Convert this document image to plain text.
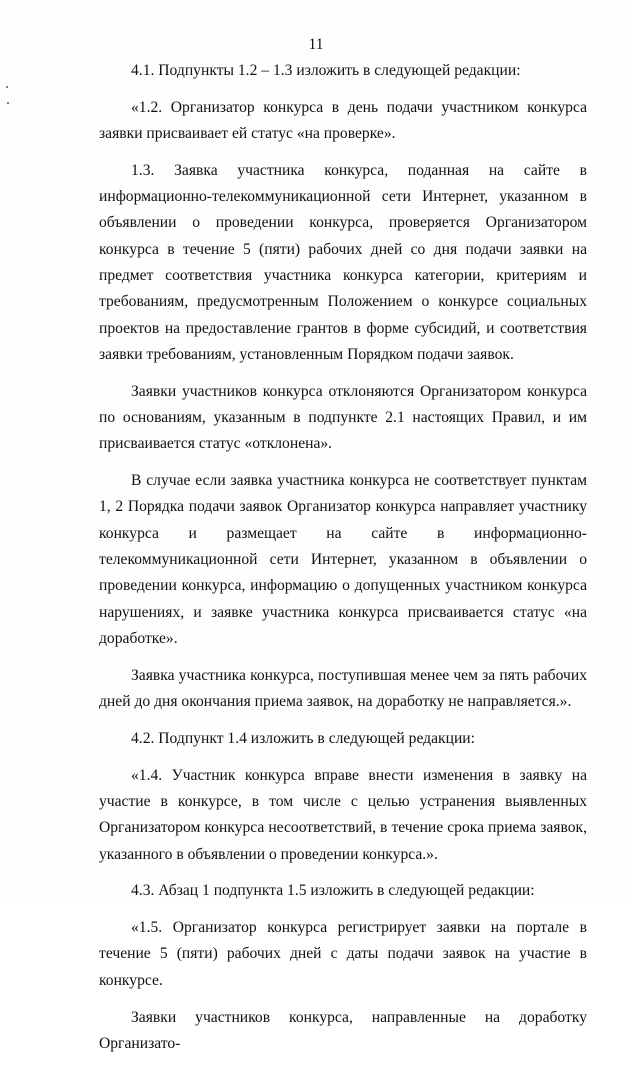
11

4.1. Подпункты 1.2 – 1.3 изложить в следующей редакции:

«1.2. Организатор конкурса в день подачи участником конкурса заявки присваивает ей статус «на проверке».

1.3. Заявка участника конкурса, поданная на сайте в информационно-телекоммуникационной сети Интернет, указанном в объявлении о проведении конкурса, проверяется Организатором конкурса в течение 5 (пяти) рабочих дней со дня подачи заявки на предмет соответствия участника конкурса категории, критериям и требованиям, предусмотренным Положением о конкурсе социальных проектов на предоставление грантов в форме субсидий, и соответствия заявки требованиям, установленным Порядком подачи заявок.

Заявки участников конкурса отклоняются Организатором конкурса по основаниям, указанным в подпункте 2.1 настоящих Правил, и им присваивается статус «отклонена».

В случае если заявка участника конкурса не соответствует пунктам 1, 2 Порядка подачи заявок Организатор конкурса направляет участнику конкурса и размещает на сайте в информационно-телекоммуникационной сети Интернет, указанном в объявлении о проведении конкурса, информацию о допущенных участником конкурса нарушениях, и заявке участника конкурса присваивается статус «на доработке».

Заявка участника конкурса, поступившая менее чем за пять рабочих дней до дня окончания приема заявок, на доработку не направляется.».

4.2. Подпункт 1.4 изложить в следующей редакции:

«1.4. Участник конкурса вправе внести изменения в заявку на участие в конкурсе, в том числе с целью устранения выявленных Организатором конкурса несоответствий, в течение срока приема заявок, указанного в объявлении о проведении конкурса.».

4.3. Абзац 1 подпункта 1.5 изложить в следующей редакции:

«1.5. Организатор конкурса регистрирует заявки на портале в течение 5 (пяти) рабочих дней с даты подачи заявок на участие в конкурсе.

Заявки участников конкурса, направленные на доработку Организато-
